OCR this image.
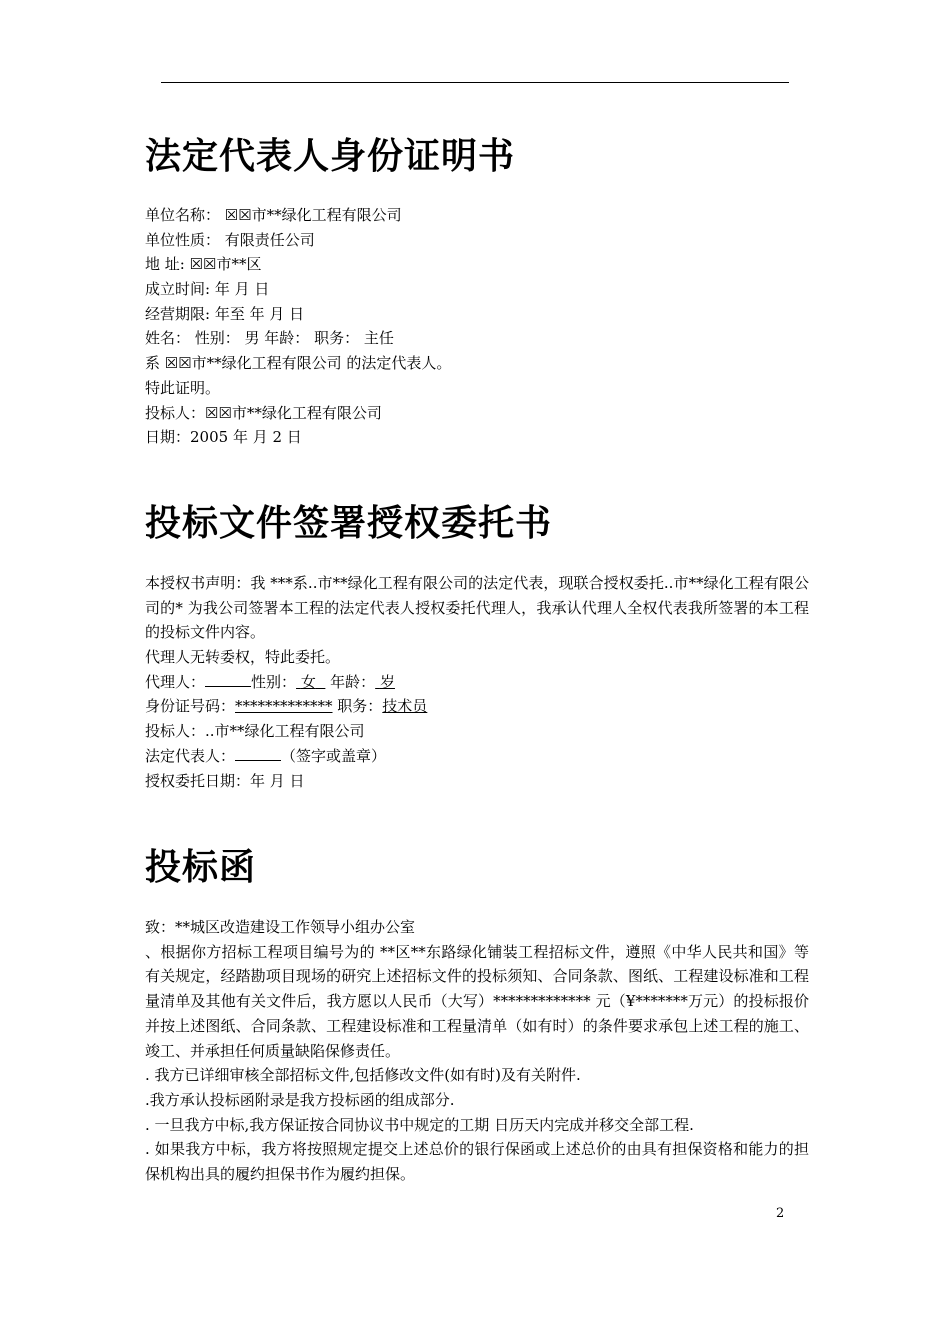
法定代表人身份证明书
单位名称： ☒☒市**绿化工程有限公司
单位性质： 有限责任公司
地 址: ☒☒市**区
成立时间: 年 月 日
经营期限: 年至 年 月 日
姓名： 性别： 男 年龄： 职务： 主任
系 ☒☒市**绿化工程有限公司 的法定代表人。
特此证明。
投标人：☒☒市**绿化工程有限公司
日期：2005 年 月 2 日
投标文件签署授权委托书
本授权书声明：我 ***系..市**绿化工程有限公司的法定代表，现联合授权委托..市**绿化工程有限公司的* 为我公司签署本工程的法定代表人授权委托代理人，我承认代理人全权代表我所签署的本工程的投标文件内容。
代理人无转委权，特此委托。
代理人：	性别： 女   年龄： 岁
身份证号码：************* 职务：技术员
投标人：..市**绿化工程有限公司
法定代表人：	（签字或盖章）
授权委托日期：年 月 日
投标函
致：**城区改造建设工作领导小组办公室
、根据你方招标工程项目编号为的 **区**东路绿化铺装工程招标文件，遵照《中华人民共和国》等有关规定，经踏勘项目现场的研究上述招标文件的投标须知、合同条款、图纸、工程建设标准和工程量清单及其他有关文件后，我方愿以人民币（大写）************* 元（¥*******万元）的投标报价并按上述图纸、合同条款、工程建设标准和工程量清单（如有时）的条件要求承包上述工程的施工、竣工、并承担任何质量缺陷保修责任。
. 我方已详细审核全部招标文件,包括修改文件(如有时)及有关附件.
.我方承认投标函附录是我方投标函的组成部分.
. 一旦我方中标,我方保证按合同协议书中规定的工期 日历天内完成并移交全部工程.
. 如果我方中标，我方将按照规定提交上述总价的银行保函或上述总价的由具有担保资格和能力的担保机构出具的履约担保书作为履约担保。
2
